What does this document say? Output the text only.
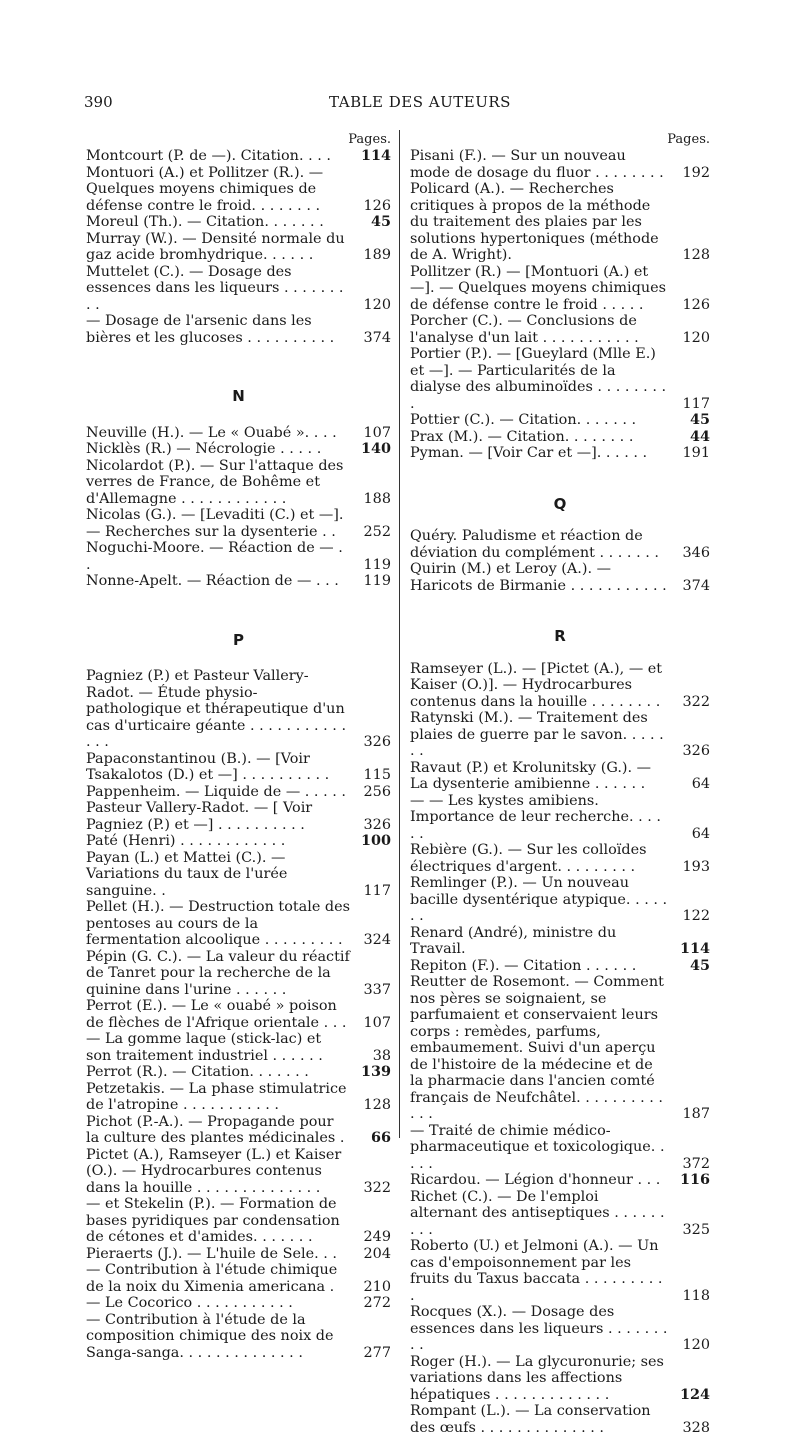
390	TABLE DES AUTEURS
Pages.
Montcourt (P. de —). Citation. . . .	114
Montuori (A.) et Pollitzer (R.). — Quelques moyens chimiques de défense contre le froid. . . . . . . .	126
Moreul (Th.). — Citation. . . . . . .	45
Murray (W.). — Densité normale du gaz acide bromhydrique. . . . . .	189
Muttelet (C.). — Dosage des essences dans les liqueurs . . . . . . . . .	120
— Dosage de l'arsenic dans les bières et les glucoses . . . . . . . . . .	374
N
Neuville (H.). — Le « Ouabé ». . . .	107
Nicklès (R.) — Nécrologie . . . . .	140
Nicolardot (P.). — Sur l'attaque des verres de France, de Bohême et d'Allemagne . . . . . . . . . . . .	188
Nicolas (G.). — [Levaditi (C.) et —]. — Recherches sur la dysenterie . .	252
Noguchi-Moore. — Réaction de — . .	119
Nonne-Apelt. — Réaction de — . . .	119
P
Pagniez (P.) et Pasteur Vallery-Radot. — Étude physio-pathologique et thérapeutique d'un cas d'urticaire géante . . . . . . . . . . . . . .	326
Papaconstantinou (B.). — [Voir Tsakalotos (D.) et —] . . . . . . . . . .	115
Pappenheim. — Liquide de — . . . . .	256
Pasteur Vallery-Radot. — [ Voir Pagniez (P.) et —] . . . . . . . . . .	326
Paté (Henri) . . . . . . . . . . . .	100
Payan (L.) et Mattei (C.). — Variations du taux de l'urée sanguine. .	117
Pellet (H.). — Destruction totale des pentoses au cours de la fermentation alcoolique . . . . . . . . .	324
Pépin (G. C.). — La valeur du réactif de Tanret pour la recherche de la quinine dans l'urine . . . . . .	337
Perrot (E.). — Le « ouabé » poison de flèches de l'Afrique orientale . . .	107
— La gomme laque (stick-lac) et son traitement industriel . . . . . .	38
Perrot (R.). — Citation. . . . . . .	139
Petzetakis. — La phase stimulatrice de l'atropine . . . . . . . . . . .	128
Pichot (P.-A.). — Propagande pour la culture des plantes médicinales .	66
Pictet (A.), Ramseyer (L.) et Kaiser (O.). — Hydrocarbures contenus dans la houille . . . . . . . . . . . . . .	322
— et Stekelin (P.). — Formation de bases pyridiques par condensation de cétones et d'amides. . . . . . .	249
Pieraerts (J.). — L'huile de Sele. . .	204
— Contribution à l'étude chimique de la noix du Ximenia americana .	210
— Le Cocorico . . . . . . . . . . .	272
— Contribution à l'étude de la composition chimique des noix de Sanga-sanga. . . . . . . . . . . . . .	277
Pages.
Pisani (F.). — Sur un nouveau mode de dosage du fluor . . . . . . . .	192
Policard (A.). — Recherches critiques à propos de la méthode du traitement des plaies par les solutions hypertoniques (méthode de A. Wright).	128
Pollitzer (R.) — [Montuori (A.) et —]. — Quelques moyens chimiques de défense contre le froid . . . . .	126
Porcher (C.). — Conclusions de l'analyse d'un lait . . . . . . . . . . .	120
Portier (P.). — [Gueylard (Mlle E.) et —]. — Particularités de la dialyse des albuminoïdes . . . . . . . . .	117
Pottier (C.). — Citation. . . . . . .	45
Prax (M.). — Citation. . . . . . . .	44
Pyman. — [Voir Car et —]. . . . . .	191
Q
Quéry. Paludisme et réaction de déviation du complément . . . . . . .	346
Quirin (M.) et Leroy (A.). — Haricots de Birmanie . . . . . . . . . . . 374
R
Ramseyer (L.). — [Pictet (A.), — et Kaiser (O.)]. — Hydrocarbures contenus dans la houille . . . . . . . .	322
Ratynski (M.). — Traitement des plaies de guerre par le savon. . . . . . .	326
Ravaut (P.) et Krolunitsky (G.). — La dysenterie amibienne . . . . . .	64
— — Les kystes amibiens. Importance de leur recherche. . . . . .	64
Rebière (G.). — Sur les colloïdes électriques d'argent. . . . . . . . .	193
Remlinger (P.). — Un nouveau bacille dysentérique atypique. . . . . . .	122
Renard (André), ministre du Travail.	114
Repiton (F.). — Citation . . . . . .	45
Reutter de Rosemont. — Comment nos pères se soignaient, se parfumaient et conservaient leurs corps : remèdes, parfums, embaumement. Suivi d'un aperçu de l'histoire de la médecine et de la pharmacie dans l'ancien comté français de Neufchâtel. . . . . . . . . . . . .	187
— Traité de chimie médico-pharmaceutique et toxicologique. . . . .	372
Ricardou. — Légion d'honneur . . .	116
Richet (C.). — De l'emploi alternant des antiseptiques . . . . . . . . .	325
Roberto (U.) et Jelmoni (A.). — Un cas d'empoisonnement par les fruits du Taxus baccata . . . . . . . . . .	118
Rocques (X.). — Dosage des essences dans les liqueurs . . . . . . . . .	120
Roger (H.). — La glycuronurie; ses variations dans les affections hépatiques . . . . . . . . . . . . .	124
Rompant (L.). — La conservation des œufs . . . . . . . . . . . . . .	328
